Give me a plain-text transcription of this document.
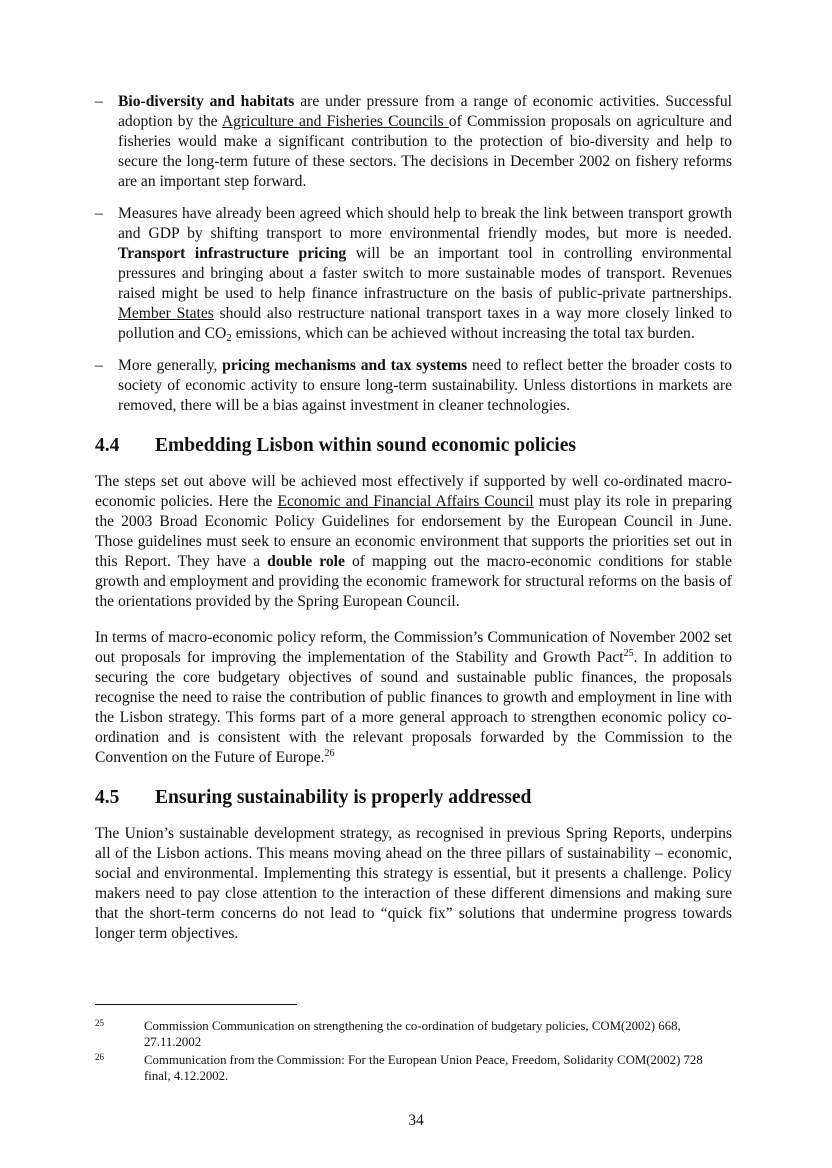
– Bio-diversity and habitats are under pressure from a range of economic activities. Successful adoption by the Agriculture and Fisheries Councils of Commission proposals on agriculture and fisheries would make a significant contribution to the protection of bio-diversity and help to secure the long-term future of these sectors. The decisions in December 2002 on fishery reforms are an important step forward.
– Measures have already been agreed which should help to break the link between transport growth and GDP by shifting transport to more environmental friendly modes, but more is needed. Transport infrastructure pricing will be an important tool in controlling environmental pressures and bringing about a faster switch to more sustainable modes of transport. Revenues raised might be used to help finance infrastructure on the basis of public-private partnerships. Member States should also restructure national transport taxes in a way more closely linked to pollution and $CO_2$ emissions, which can be achieved without increasing the total tax burden.
– More generally, pricing mechanisms and tax systems need to reflect better the broader costs to society of economic activity to ensure long-term sustainability. Unless distortions in markets are removed, there will be a bias against investment in cleaner technologies.
4.4 Embedding Lisbon within sound economic policies

The steps set out above will be achieved most effectively if supported by well co-ordinated macro-economic policies. Here the Economic and Financial Affairs Council must play its role in preparing the 2003 Broad Economic Policy Guidelines for endorsement by the European Council in June. Those guidelines must seek to ensure an economic environment that supports the priorities set out in this Report. They have a double role of mapping out the macro-economic conditions for stable growth and employment and providing the economic framework for structural reforms on the basis of the orientations provided by the Spring European Council.

In terms of macro-economic policy reform, the Commission’s Communication of November 2002 set out proposals for improving the implementation of the Stability and Growth Pact$^{25}$. In addition to securing the core budgetary objectives of sound and sustainable public finances, the proposals recognise the need to raise the contribution of public finances to growth and employment in line with the Lisbon strategy. This forms part of a more general approach to strengthen economic policy co-ordination and is consistent with the relevant proposals forwarded by the Commission to the Convention on the Future of Europe.$^{26}$

4.5 Ensuring sustainability is properly addressed

The Union’s sustainable development strategy, as recognised in previous Spring Reports, underpins all of the Lisbon actions. This means moving ahead on the three pillars of sustainability – economic, social and environmental. Implementing this strategy is essential, but it presents a challenge. Policy makers need to pay close attention to the interaction of these different dimensions and making sure that the short-term concerns do not lead to “quick fix” solutions that undermine progress towards longer term objectives.

25	Commission Communication on strengthening the co-ordination of budgetary policies, COM(2002) 668, 27.11.2002
26	Communication from the Commission: For the European Union Peace, Freedom, Solidarity COM(2002) 728 final, 4.12.2002.
34
